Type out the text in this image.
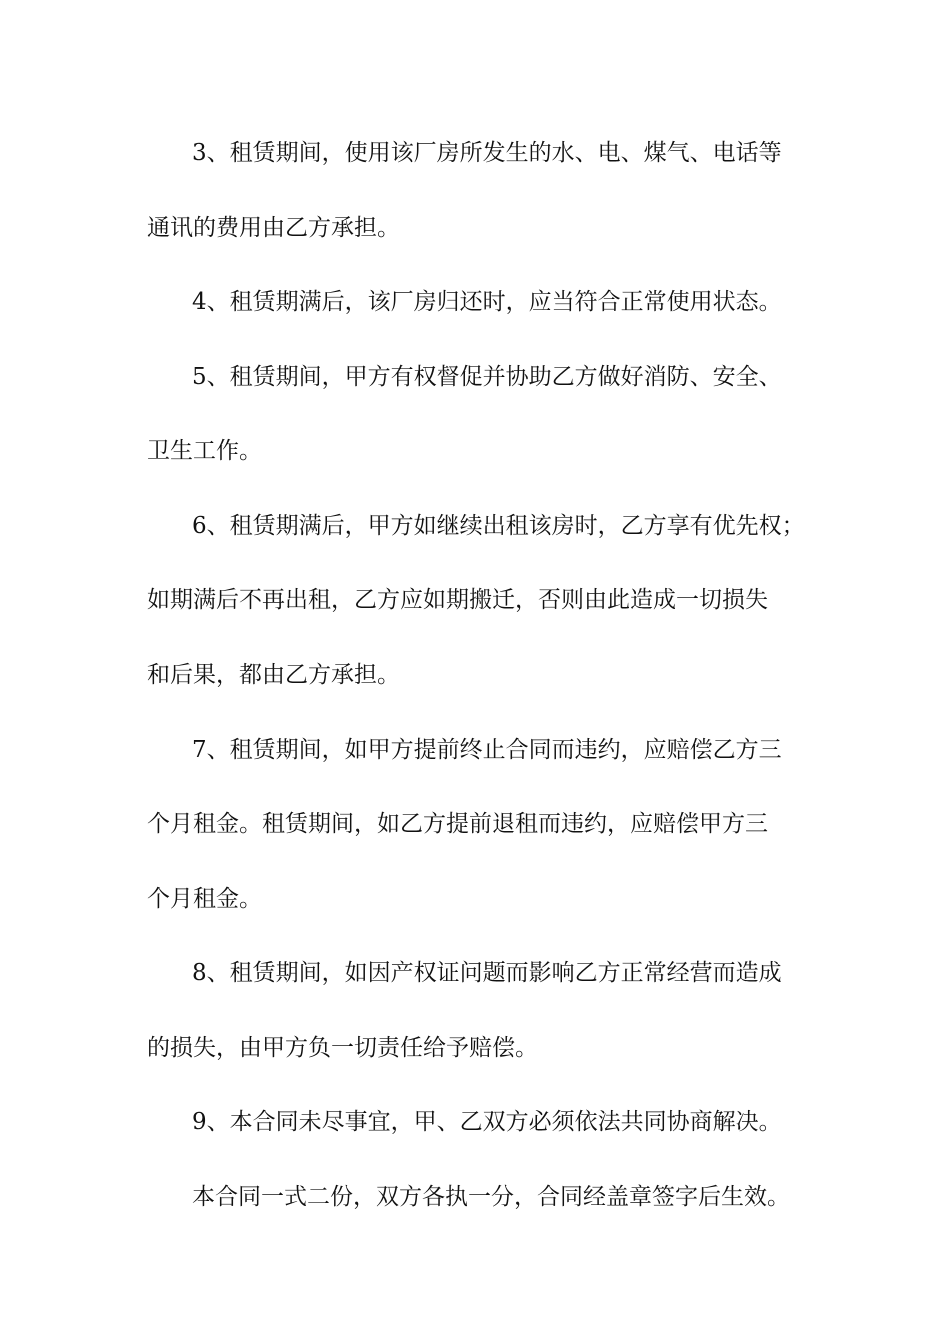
3、租赁期间，使用该厂房所发生的水、电、煤气、电话等
通讯的费用由乙方承担。
4、租赁期满后，该厂房归还时，应当符合正常使用状态。
5、租赁期间，甲方有权督促并协助乙方做好消防、安全、
卫生工作。
6、租赁期满后，甲方如继续出租该房时，乙方享有优先权；
如期满后不再出租，乙方应如期搬迁，否则由此造成一切损失
和后果，都由乙方承担。
7、租赁期间，如甲方提前终止合同而违约，应赔偿乙方三
个月租金。租赁期间，如乙方提前退租而违约，应赔偿甲方三
个月租金。
8、租赁期间，如因产权证问题而影响乙方正常经营而造成
的损失，由甲方负一切责任给予赔偿。
9、本合同未尽事宜，甲、乙双方必须依法共同协商解决。
本合同一式二份，双方各执一分，合同经盖章签字后生效。
